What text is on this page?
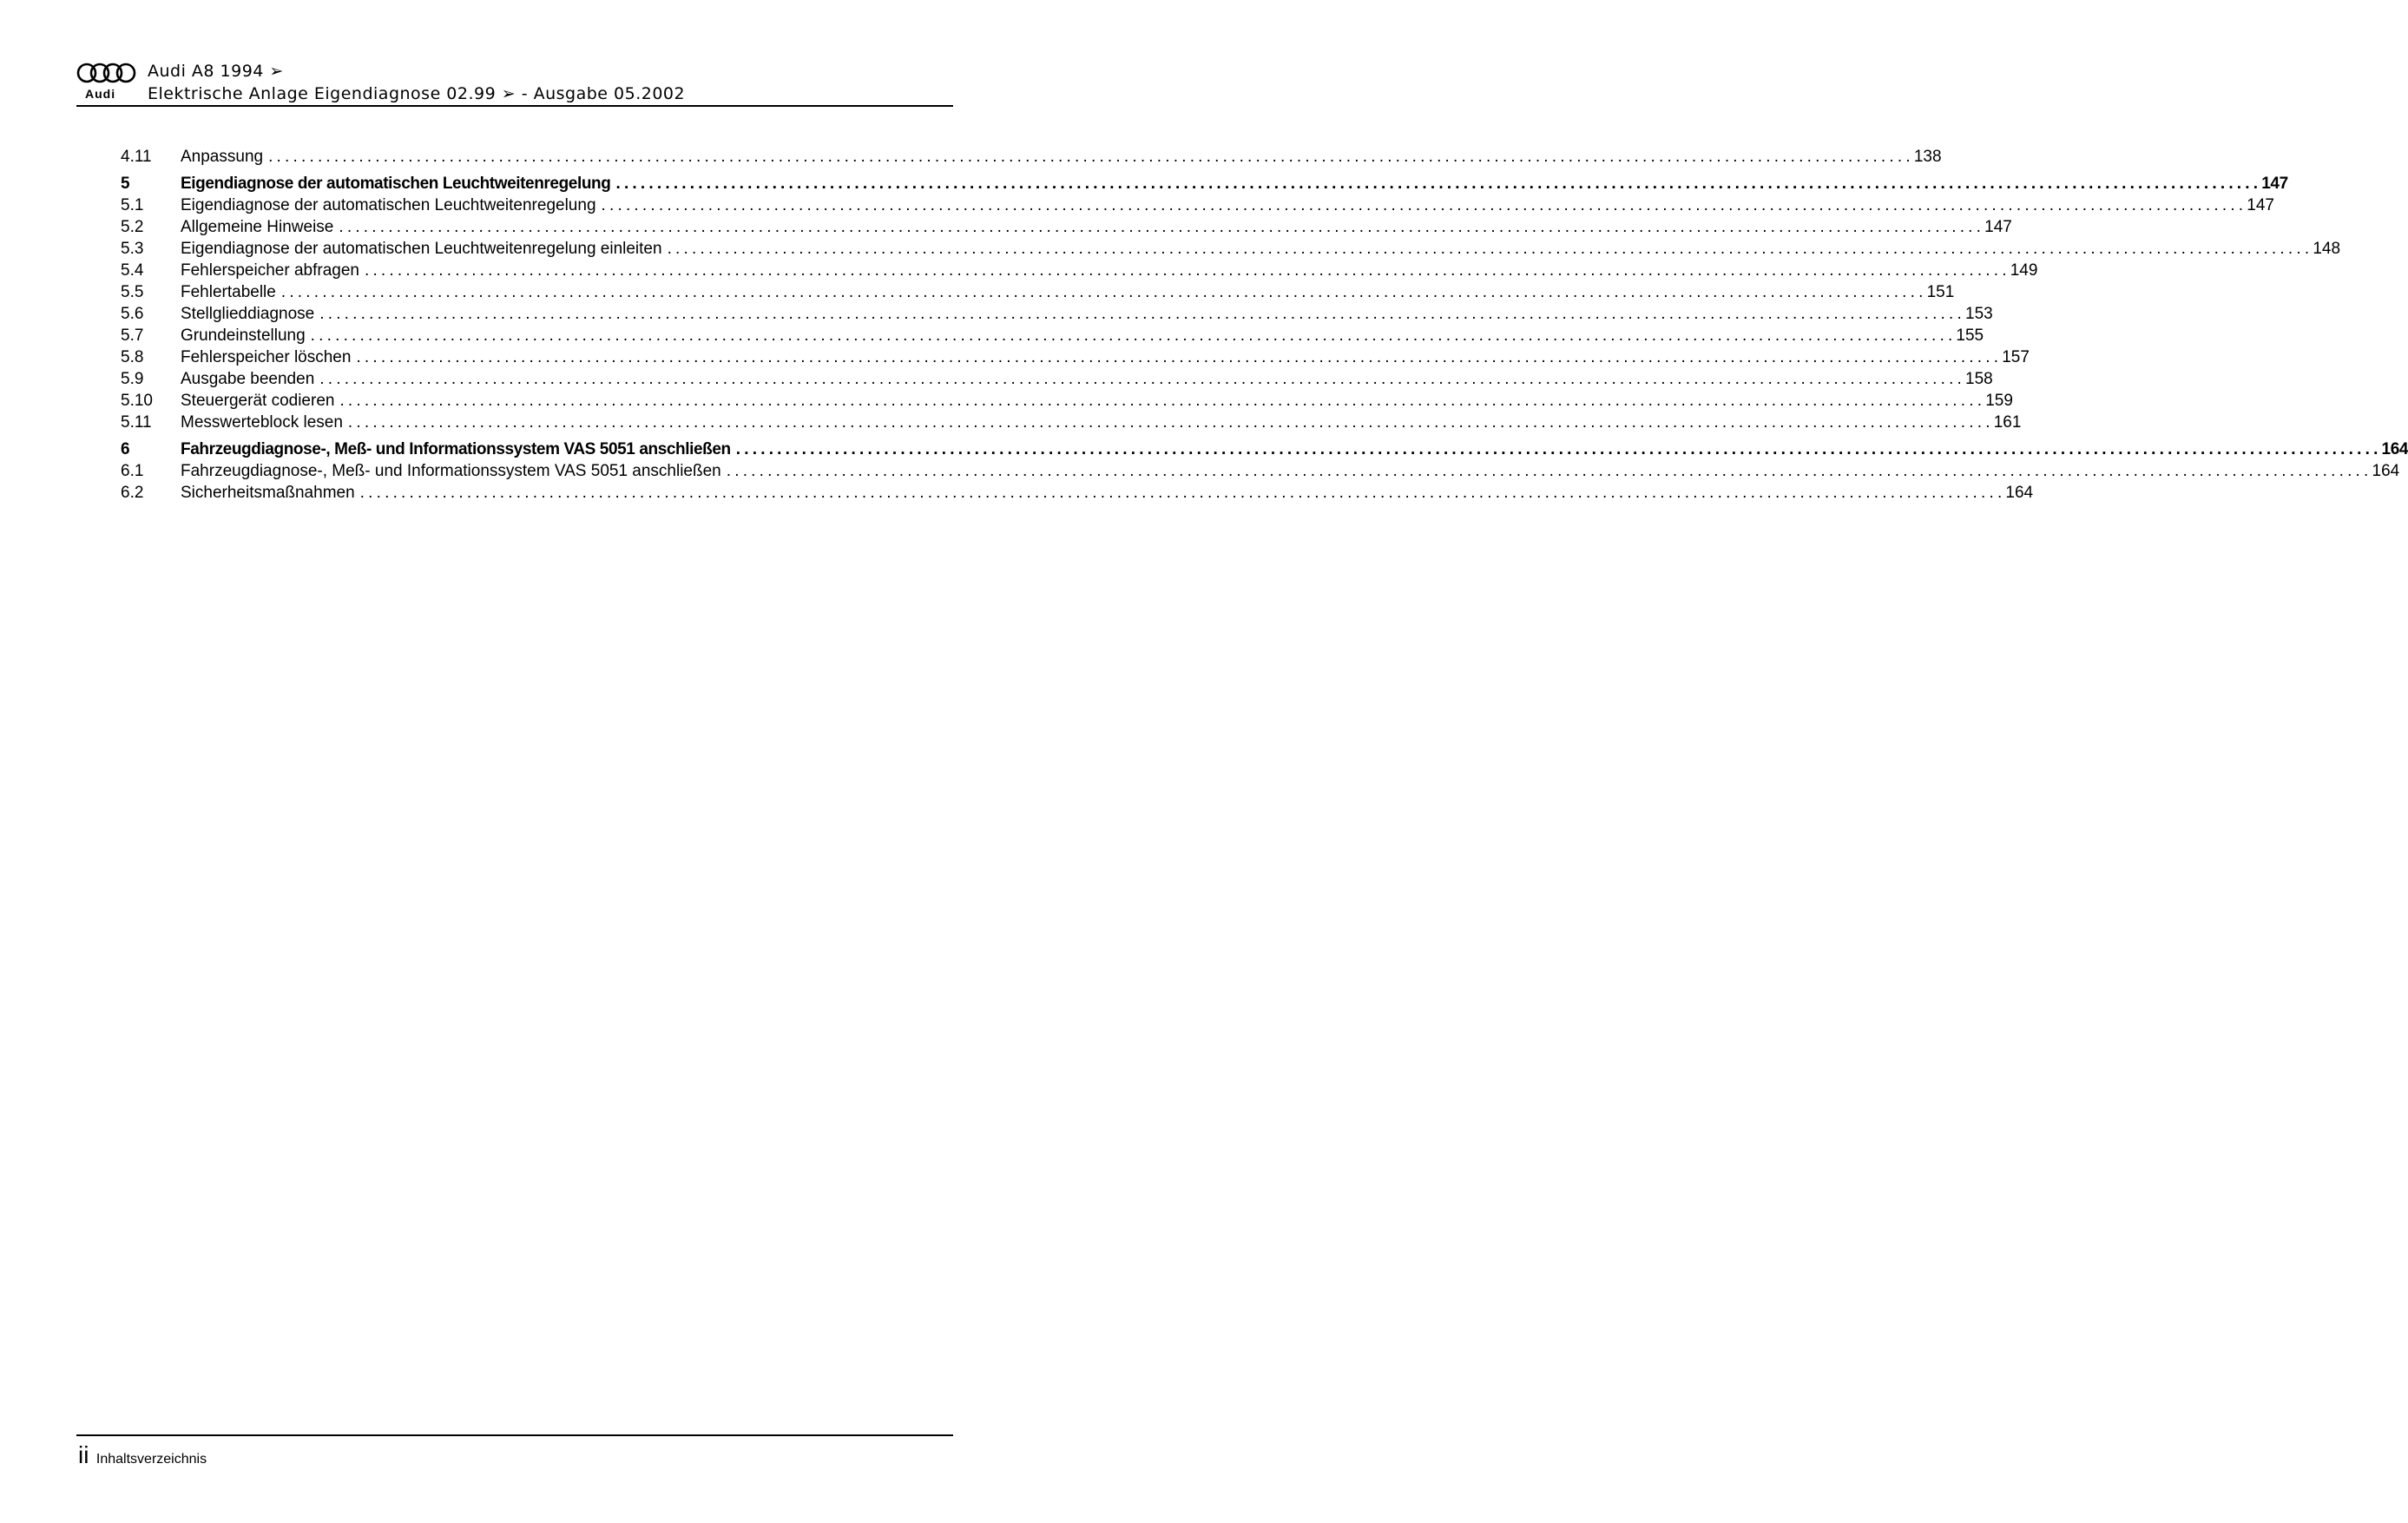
Audi
Audi A8 1994 ➢
Elektrische Anlage Eigendiagnose 02.99 ➢ - Ausgabe 05.2002
4.11	Anpassung ........................................................................................................................................................................................................ 138
5	Eigendiagnose der automatischen Leuchtweitenregelung ........................................................................................................................................................................................................ 147
5.1	Eigendiagnose der automatischen Leuchtweitenregelung ........................................................................................................................................................................................................ 147
5.2	Allgemeine Hinweise ........................................................................................................................................................................................................ 147
5.3	Eigendiagnose der automatischen Leuchtweitenregelung einleiten ........................................................................................................................................................................................................ 148
5.4	Fehlerspeicher abfragen ........................................................................................................................................................................................................ 149
5.5	Fehlertabelle ........................................................................................................................................................................................................ 151
5.6	Stellglieddiagnose ........................................................................................................................................................................................................ 153
5.7	Grundeinstellung ........................................................................................................................................................................................................ 155
5.8	Fehlerspeicher löschen ........................................................................................................................................................................................................ 157
5.9	Ausgabe beenden ........................................................................................................................................................................................................ 158
5.10	Steuergerät codieren ........................................................................................................................................................................................................ 159
5.11	Messwerteblock lesen ........................................................................................................................................................................................................ 161
6	Fahrzeugdiagnose-, Meß- und Informationssystem VAS 5051 anschließen ........................................................................................................................................................................................................ 164
6.1	Fahrzeugdiagnose-, Meß- und Informationssystem VAS 5051 anschließen ........................................................................................................................................................................................................ 164
6.2	Sicherheitsmaßnahmen ........................................................................................................................................................................................................ 164
ii Inhaltsverzeichnis
